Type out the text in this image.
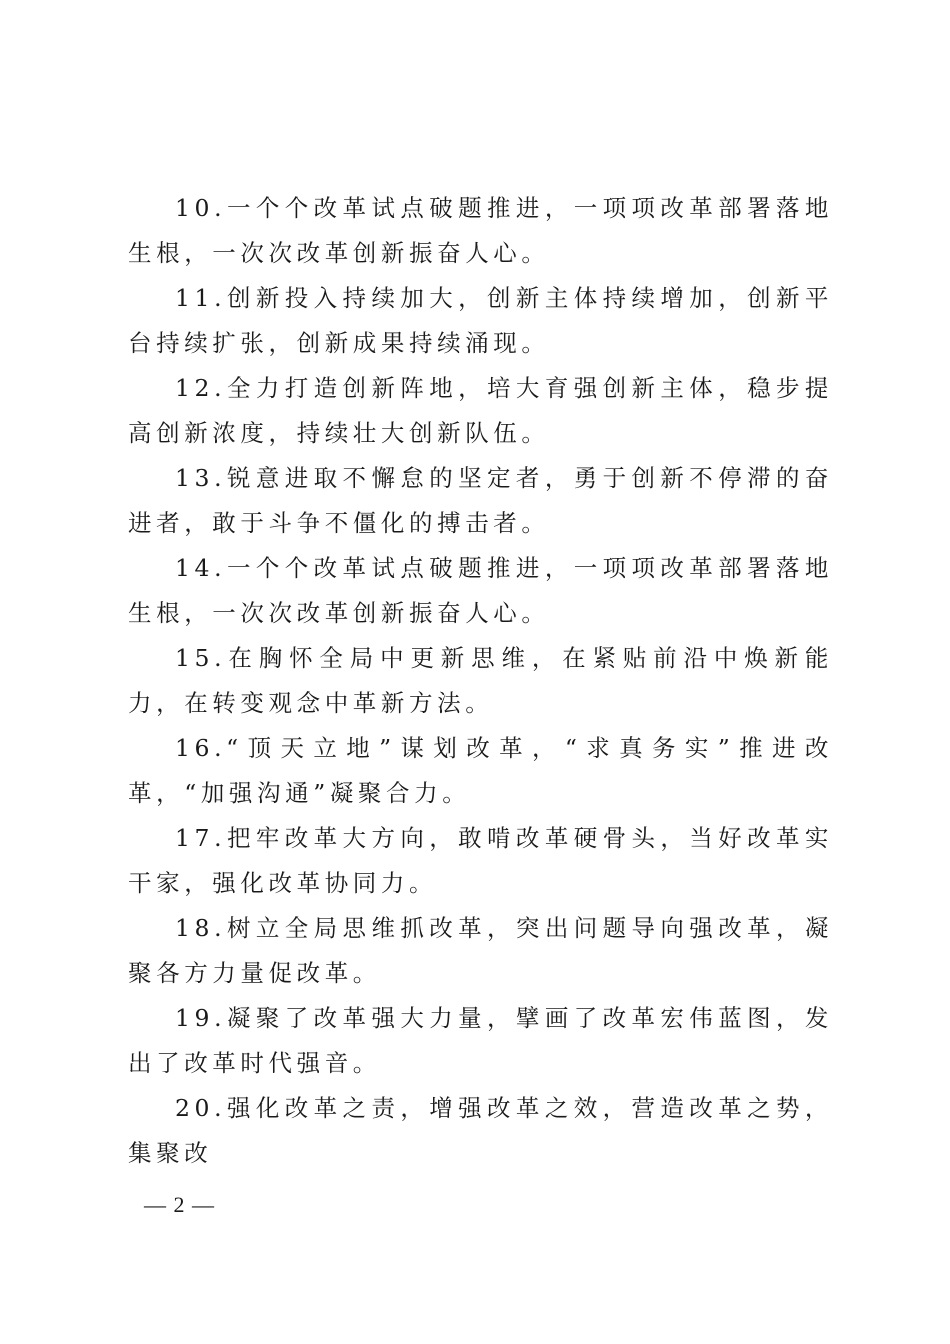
10.一个个改革试点破题推进，一项项改革部署落地生根，一次次改革创新振奋人心。

11.创新投入持续加大，创新主体持续增加，创新平台持续扩张，创新成果持续涌现。

12.全力打造创新阵地，培大育强创新主体，稳步提高创新浓度，持续壮大创新队伍。

13.锐意进取不懈怠的坚定者，勇于创新不停滞的奋进者，敢于斗争不僵化的搏击者。

14.一个个改革试点破题推进，一项项改革部署落地生根，一次次改革创新振奋人心。

15.在胸怀全局中更新思维，在紧贴前沿中焕新能力，在转变观念中革新方法。

16.“顶天立地”谋划改革，“求真务实”推进改革，“加强沟通”凝聚合力。

17.把牢改革大方向，敢啃改革硬骨头，当好改革实干家，强化改革协同力。

18.树立全局思维抓改革，突出问题导向强改革，凝聚各方力量促改革。

19.凝聚了改革强大力量，擘画了改革宏伟蓝图，发出了改革时代强音。

20.强化改革之责，增强改革之效，营造改革之势，集聚改

— 2 —
